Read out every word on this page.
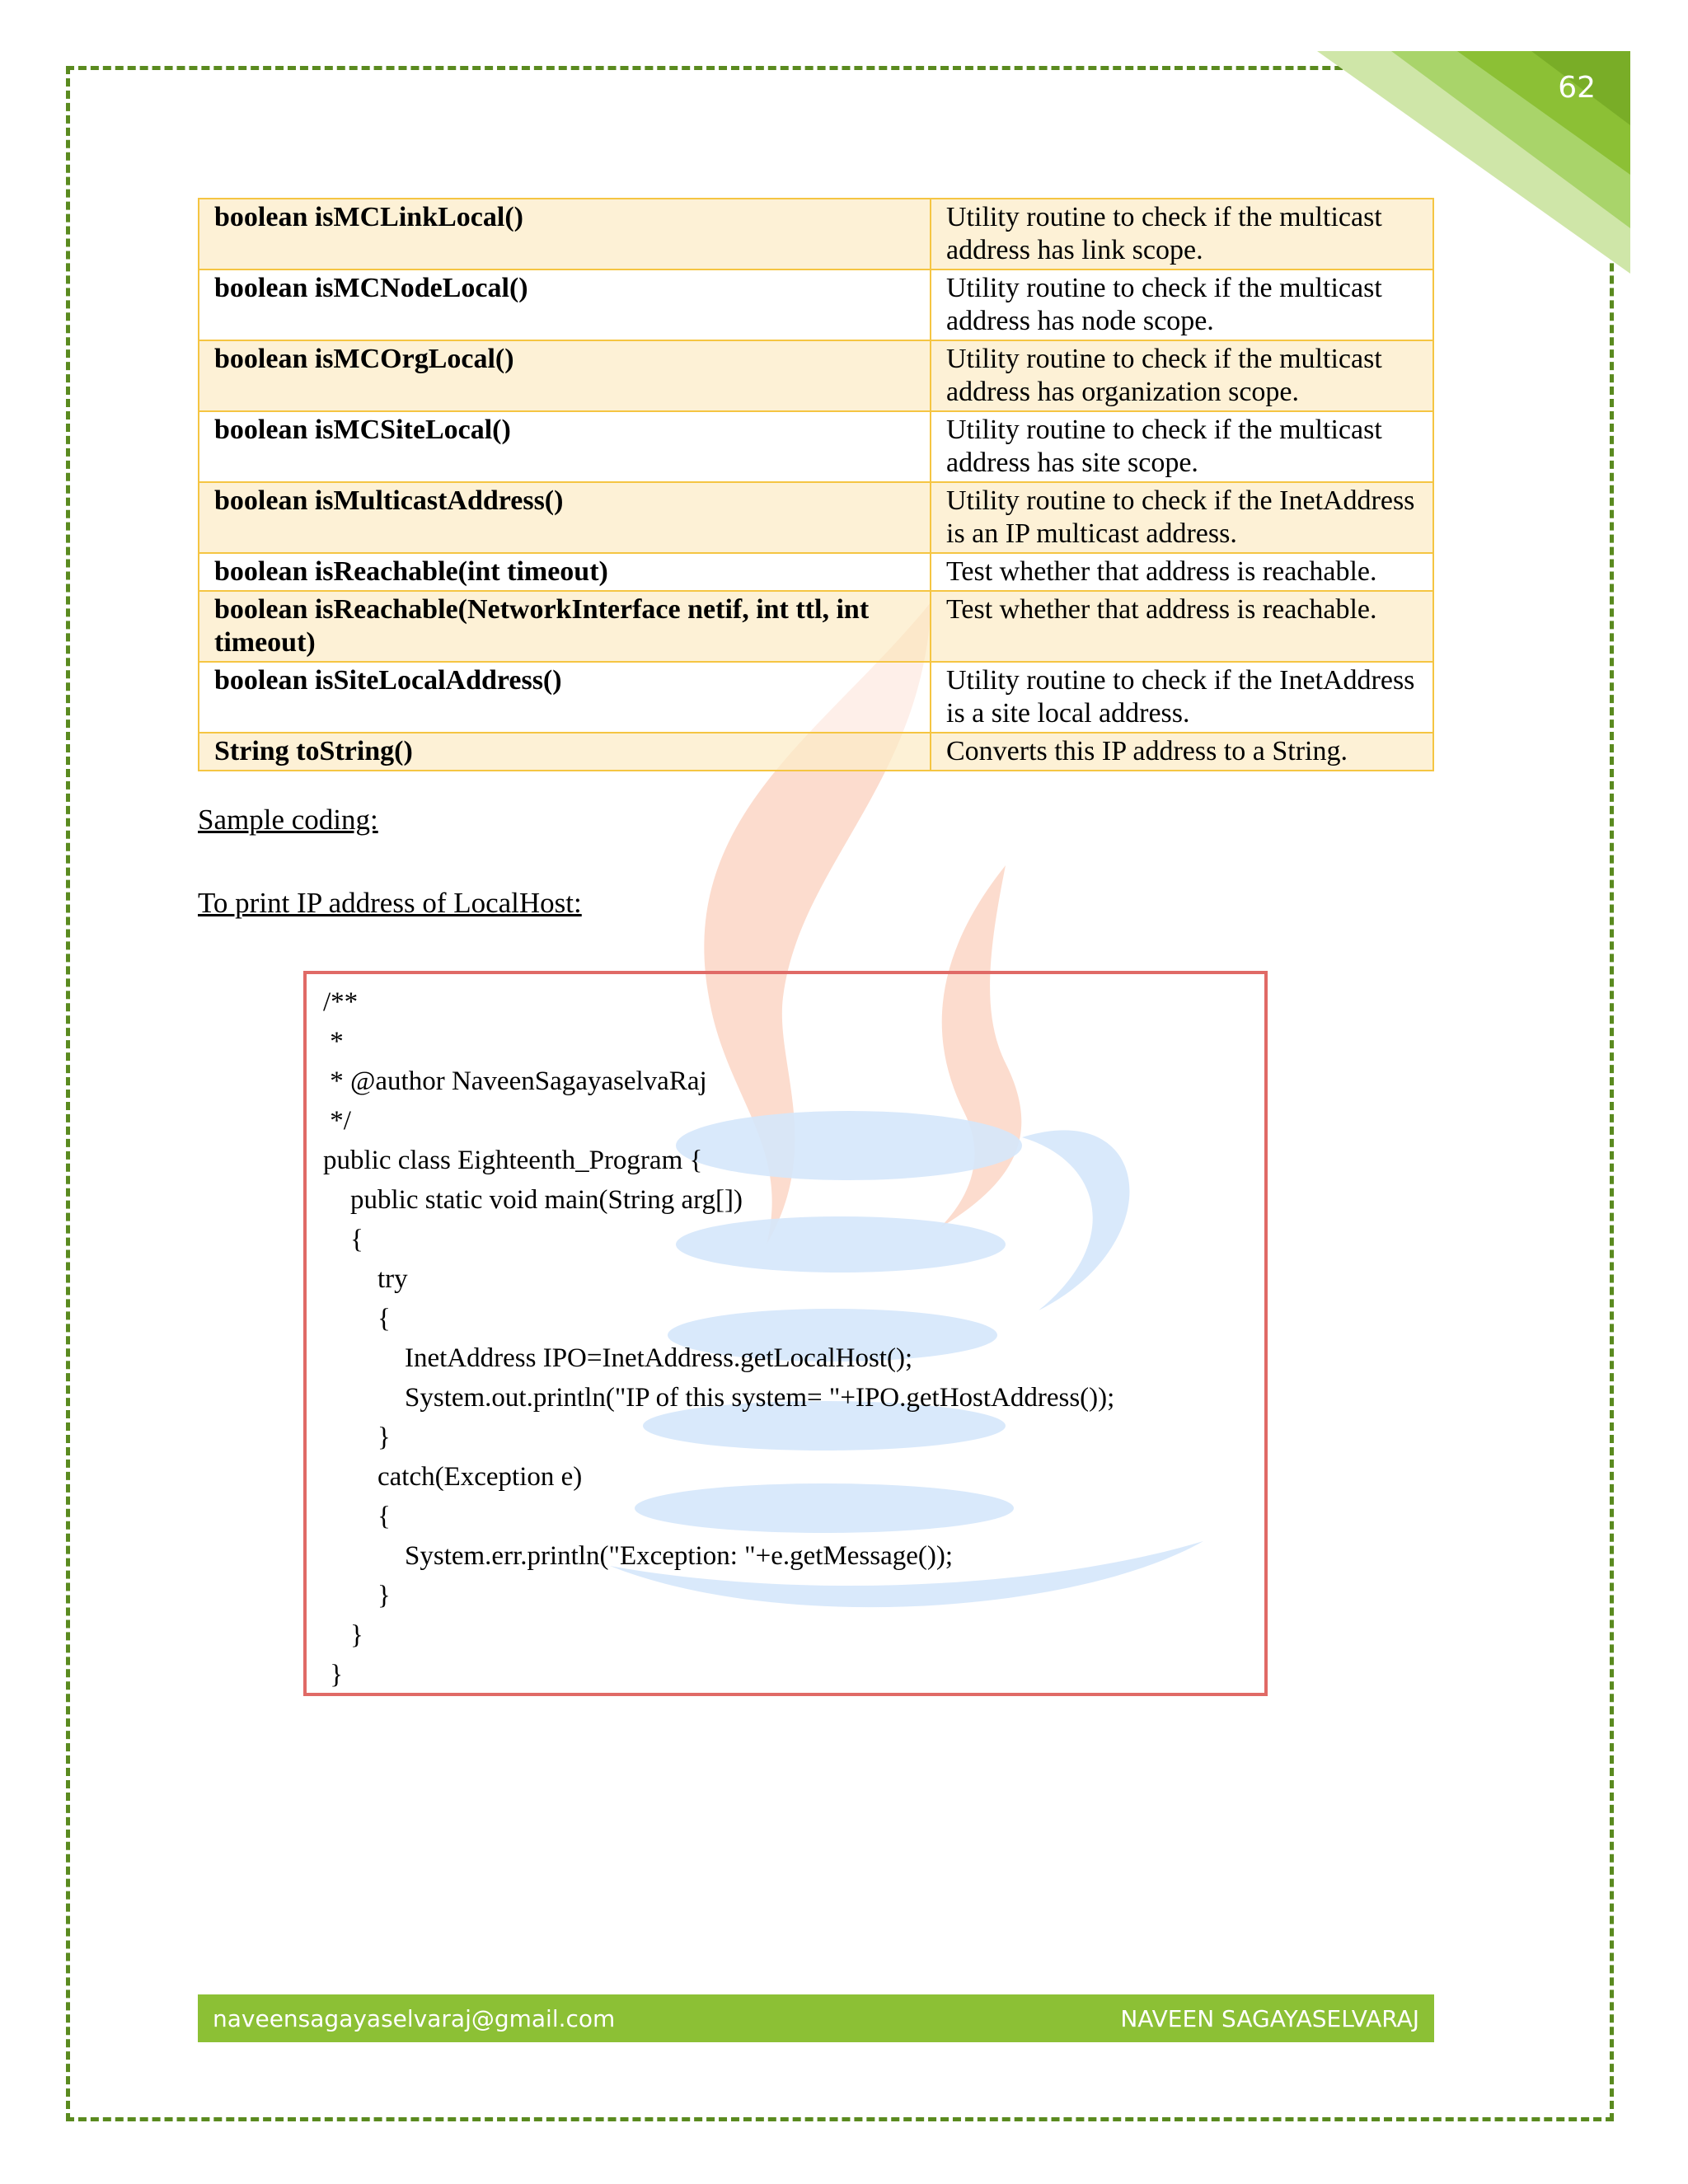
62
boolean isMCLinkLocal()	Utility routine to check if the multicast address has link scope.
boolean isMCNodeLocal()	Utility routine to check if the multicast address has node scope.
boolean isMCOrgLocal()	Utility routine to check if the multicast address has organization scope.
boolean isMCSiteLocal()	Utility routine to check if the multicast address has site scope.
boolean isMulticastAddress()	Utility routine to check if the InetAddress is an IP multicast address.
boolean isReachable(int timeout)	Test whether that address is reachable.
boolean isReachable(NetworkInterface netif, int ttl, int timeout)	Test whether that address is reachable.
boolean isSiteLocalAddress()	Utility routine to check if the InetAddress is a site local address.
String toString()	Converts this IP address to a String.
Sample coding:
To print IP address of LocalHost:
/**
*
* @author NaveenSagayaselvaRaj
*/
public class Eighteenth_Program {
public static void main(String arg[])
{
try
{
InetAddress IPO=InetAddress.getLocalHost();
System.out.println("IP of this system= "+IPO.getHostAddress());
}
catch(Exception e)
{
System.err.println("Exception: "+e.getMessage());
}
}
}
naveensagayaselvaraj@gmail.com	NAVEEN SAGAYASELVARAJ
